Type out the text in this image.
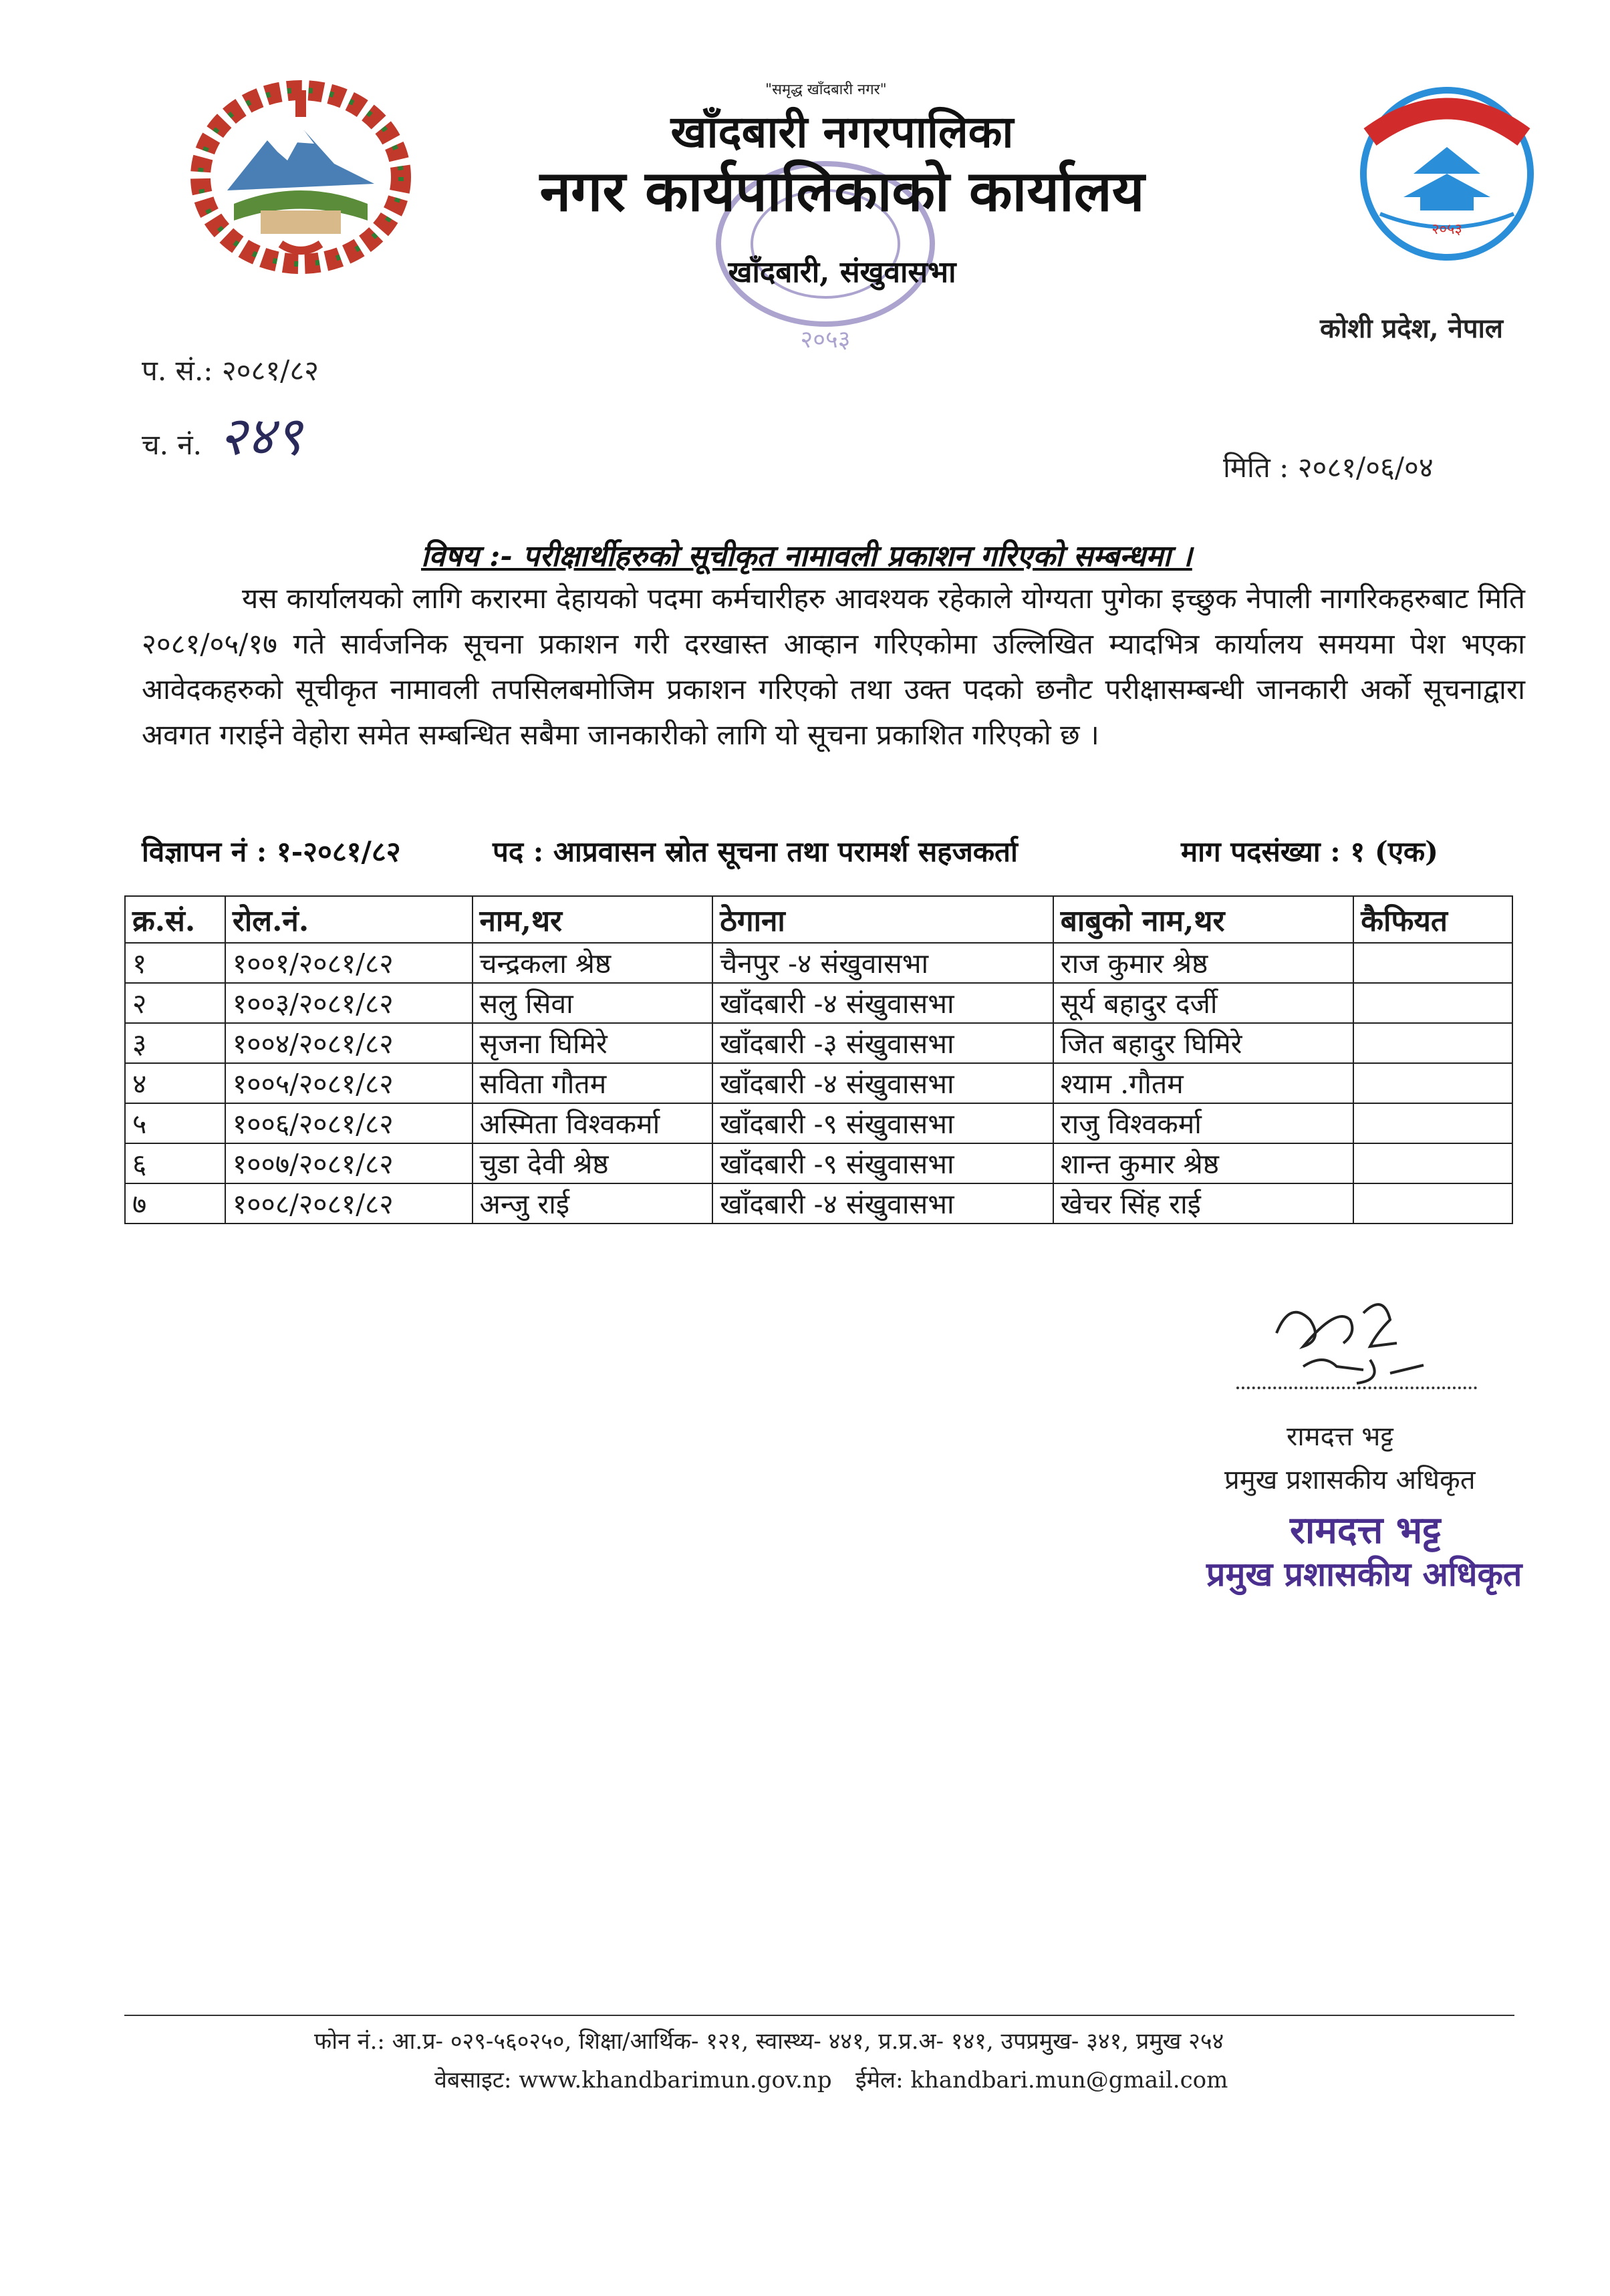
२०५३
२०५३
"समृद्ध खाँदबारी नगर"
खाँदबारी नगरपालिका
नगर कार्यपालिकाको कार्यालय
खाँदबारी, संखुवासभा
कोशी प्रदेश, नेपाल
प. सं.: २०८१/८२
च. नं. २४९
मिति : २०८१/०६/०४
विषय :- परीक्षार्थीहरुको सूचीकृत नामावली प्रकाशन गरिएको सम्बन्धमा ।
यस कार्यालयको लागि करारमा देहायको पदमा कर्मचारीहरु आवश्यक रहेकाले योग्यता पुगेका इच्छुक नेपाली नागरिकहरुबाट मिति २०८१/०५/१७ गते सार्वजनिक सूचना प्रकाशन गरी दरखास्त आव्हान गरिएकोमा उल्लिखित म्यादभित्र कार्यालय समयमा पेश भएका आवेदकहरुको सूचीकृत नामावली तपसिलबमोजिम प्रकाशन गरिएको तथा उक्त पदको छनौट परीक्षासम्बन्धी जानकारी अर्को सूचनाद्वारा अवगत गराईने वेहोरा समेत सम्बन्धित सबैमा जानकारीको लागि यो सूचना प्रकाशित गरिएको छ ।
विज्ञापन नं : १-२०८१/८२	पद : आप्रवासन स्रोत सूचना तथा परामर्श सहजकर्ता	माग पदसंख्या : १ (एक)
क्र.सं.	रोल.नं.	नाम,थर	ठेगाना	बाबुको नाम,थर	कैफियत
१	१००१/२०८१/८२	चन्द्रकला श्रेष्ठ	चैनपुर -४ संखुवासभा	राज कुमार श्रेष्ठ	
२	१००३/२०८१/८२	सलु सिवा	खाँदबारी -४ संखुवासभा	सूर्य बहादुर दर्जी	
३	१००४/२०८१/८२	सृजना घिमिरे	खाँदबारी -३ संखुवासभा	जित बहादुर घिमिरे	
४	१००५/२०८१/८२	सविता गौतम	खाँदबारी -४ संखुवासभा	श्याम .गौतम	
५	१००६/२०८१/८२	अस्मिता विश्वकर्मा	खाँदबारी -९ संखुवासभा	राजु विश्वकर्मा	
६	१००७/२०८१/८२	चुडा देवी श्रेष्ठ	खाँदबारी -९ संखुवासभा	शान्त कुमार श्रेष्ठ	
७	१००८/२०८१/८२	अन्जु राई	खाँदबारी -४ संखुवासभा	खेचर सिंह राई	
रामदत्त भट्ट
प्रमुख प्रशासकीय अधिकृत
रामदत्त भट्ट
प्रमुख प्रशासकीय अधिकृत
फोन नं.: आ.प्र- ०२९-५६०२५०, शिक्षा/आर्थिक- १२१, स्वास्थ्य- ४४१, प्र.प्र.अ- १४१, उपप्रमुख- ३४१, प्रमुख २५४
वेबसाइट: www.khandbarimun.gov.np ईमेल: khandbari.mun@gmail.com
